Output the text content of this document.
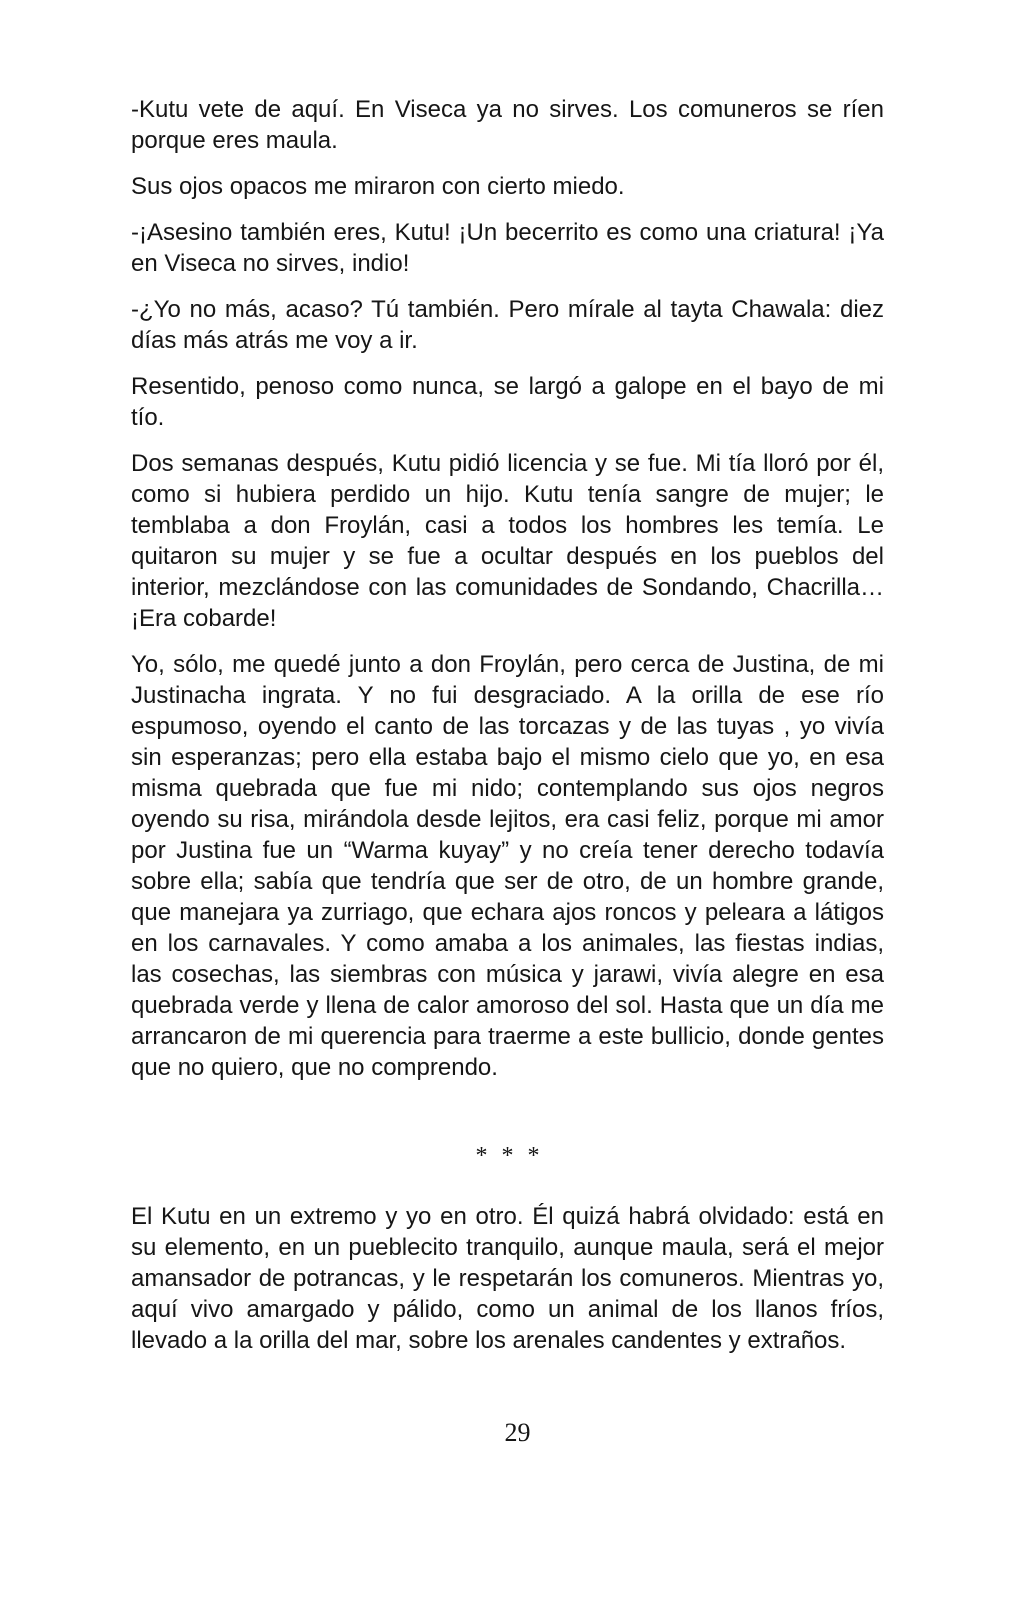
-Kutu vete de aquí. En Viseca ya no sirves. Los comuneros se ríen porque eres maula.

Sus ojos opacos me miraron con cierto miedo.

-¡Asesino también eres, Kutu! ¡Un becerrito es como una criatura! ¡Ya en Viseca no sirves, indio!

-¿Yo no más, acaso? Tú también. Pero mírale al tayta Chawala: diez días más atrás me voy a ir.

Resentido, penoso como nunca, se largó a galope en el bayo de mi tío.

Dos semanas después, Kutu pidió licencia y se fue. Mi tía lloró por él, como si hubiera perdido un hijo. Kutu tenía sangre de mujer; le temblaba a don Froylán, casi a todos los hombres les temía. Le quitaron su mujer y se fue a ocultar después en los pueblos del interior, mezclándose con las comunidades de Sondando, Chacrilla… ¡Era cobarde!

Yo, sólo, me quedé junto a don Froylán, pero cerca de Justina, de mi Justinacha ingrata. Y no fui desgraciado. A la orilla de ese río espumoso, oyendo el canto de las torcazas y de las tuyas , yo vivía sin esperanzas; pero ella estaba bajo el mismo cielo que yo, en esa misma quebrada que fue mi nido; contemplando sus ojos negros oyendo su risa, mirándola desde lejitos, era casi feliz, porque mi amor por Justina fue un “Warma kuyay” y no creía tener derecho todavía sobre ella; sabía que tendría que ser de otro, de un hombre grande, que manejara ya zurriago, que echara ajos roncos y pelearа a látigos en los carnavales. Y como amaba a los animales, las fiestas indias, las cosechas, las siembras con música y jarawi, vivía alegre en esa quebrada verde y llena de calor amoroso del sol. Hasta que un día me arrancaron de mi querencia para traerme a este bullicio, donde gentes que no quiero, que no comprendo.

* * *

El Kutu en un extremo y yo en otro. Él quizá habrá olvidado: está en su elemento, en un pueblecito tranquilo, aunque maula, será el mejor amansador de potrancas, y le respetarán los comuneros. Mientras yo, aquí vivo amargado y pálido, como un animal de los llanos fríos, llevado a la orilla del mar, sobre los arenales candentes y extraños.

29
